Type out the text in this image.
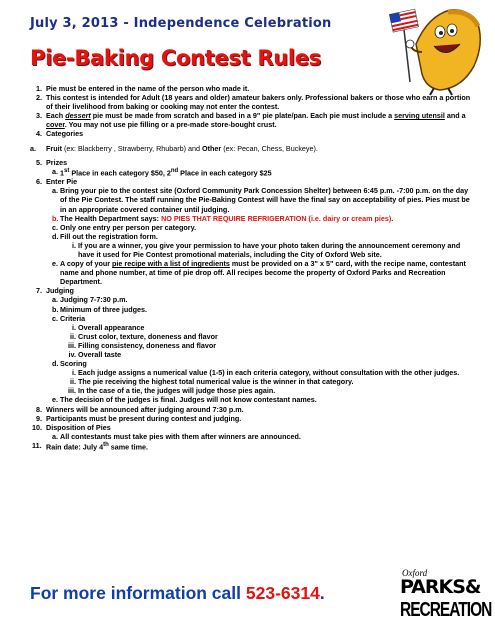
July 3, 2013 - Independence Celebration
Pie-Baking Contest Rules
1. Pie must be entered in the name of the person who made it.
2. This contest is intended for Adult (18 years and older) amateur bakers only. Professional bakers or those who earn a portion of their livelihood from baking or cooking may not enter the contest.
3. Each dessert pie must be made from scratch and based in a 9" pie plate/pan. Each pie must include a serving utensil and a cover. You may not use pie filling or a pre-made store-bought crust.
4. Categories
a. Fruit (ex: Blackberry , Strawberry, Rhubarb) and Other (ex: Pecan, Chess, Buckeye).
5. Prizes
a. 1st Place in each category $50, 2nd Place in each category $25
6. Enter Pie
a. Bring your pie to the contest site (Oxford Community Park Concession Shelter) between 6:45 p.m. -7:00 p.m. on the day of the Pie Contest. The staff running the Pie-Baking Contest will have the final say on acceptability of pies. Pies must be in an appropriate covered container until judging.
b. The Health Department says: NO PIES THAT REQUIRE REFRIGERATION (i.e. dairy or cream pies).
c. Only one entry per person per category.
d. Fill out the registration form.
i. If you are a winner, you give your permission to have your photo taken during the announcement ceremony and have it used for Pie Contest promotional materials, including the City of Oxford Web site.
e. A copy of your pie recipe with a list of ingredients must be provided on a 3" x 5" card, with the recipe name, contestant name and phone number, at time of pie drop off. All recipes become the property of Oxford Parks and Recreation Department.
7. Judging
a. Judging 7-7:30 p.m.
b. Minimum of three judges.
c. Criteria
i. Overall appearance
ii. Crust color, texture, doneness and flavor
iii. Filling consistency, doneness and flavor
iv. Overall taste
d. Scoring
i. Each judge assigns a numerical value (1-5) in each criteria category, without consultation with the other judges.
ii. The pie receiving the highest total numerical value is the winner in that category.
iii. In the case of a tie, the judges will judge those pies again.
e. The decision of the judges is final. Judges will not know contestant names.
8. Winners will be announced after judging around 7:30 p.m.
9. Participants must be present during contest and judging.
10. Disposition of Pies
a. All contestants must take pies with them after winners are announced.
11. Rain date: July 4th same time.
For more information call 523-6314.
Oxford
PARKS&
RECREATION
